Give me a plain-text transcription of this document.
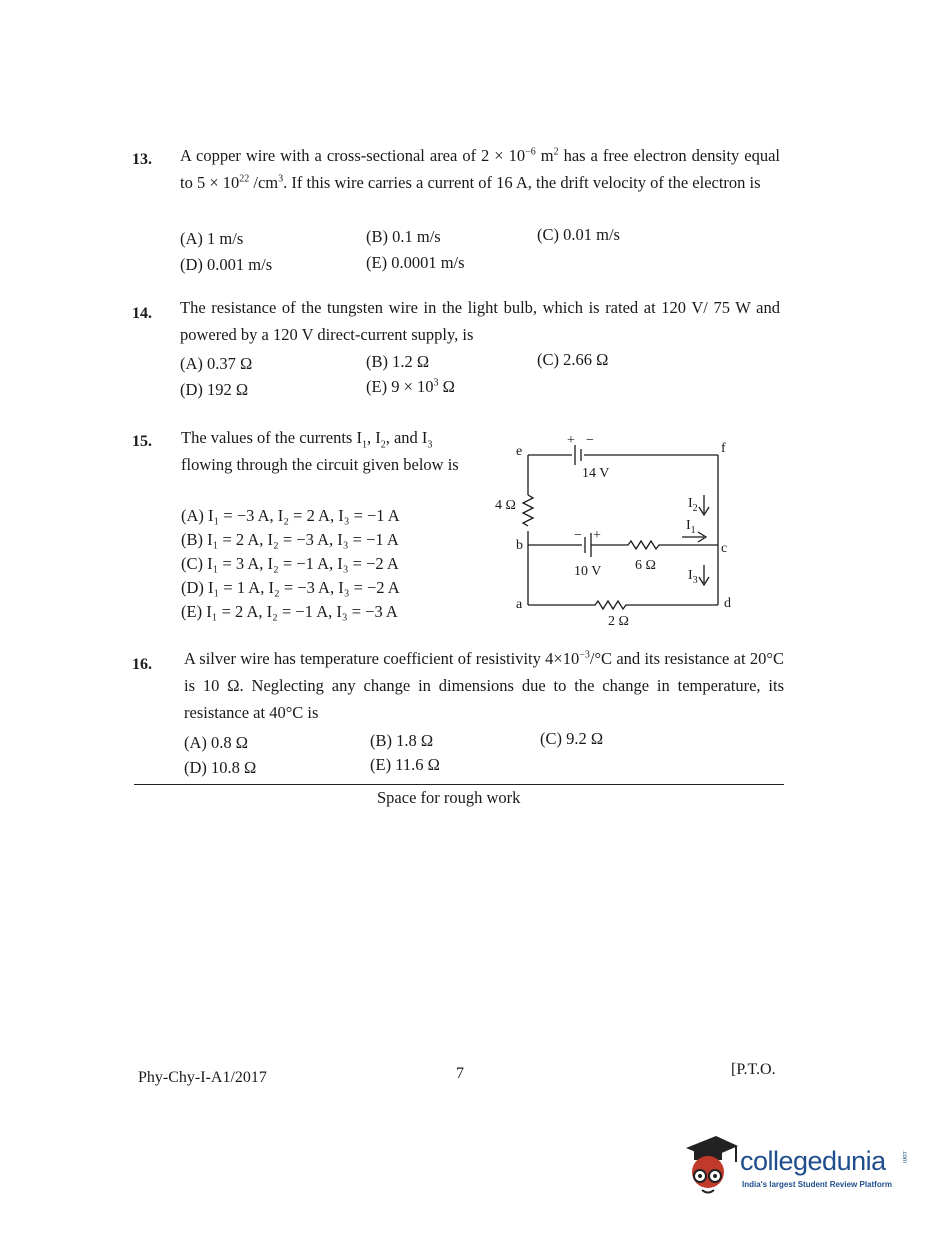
13. A copper wire with a cross-sectional area of $2 \times 10^{-6}$ $m^2$ has a free electron density equal to $5 \times 10^{22}$ $/cm^3$. If this wire carries a current of 16 A, the drift velocity of the electron is
(A) 1 m/s	(B) 0.1 m/s	(C) 0.01 m/s
(D) 0.001 m/s	(E) 0.0001 m/s
14. The resistance of the tungsten wire in the light bulb, which is rated at 120 V/ 75 W and powered by a 120 V direct-current supply, is
(A) 0.37 Ω	(B) 1.2 Ω	(C) 2.66 Ω
(D) 192 Ω	(E) $9 \times 10^3$ Ω
15. The values of the currents $I_1$, $I_2$, and $I_3$ flowing through the circuit given below is
(A) I₁ = −3 A, I₂ = 2 A, I₃ = −1 A
(B) I₁ = 2 A, I₂ = −3 A, I₃ = −1 A
(C) I₁ = 3 A, I₂ = −1 A, I₃ = −2 A
(D) I₁ = 1 A, I₂ = −3 A, I₃ = −2 A
(E) I₁ = 2 A, I₂ = −1 A, I₃ = −3 A
e	f
b	c
a	d
+ −
14 V
− +
10 V
4 Ω
6 Ω
2 Ω
$I_2$
$I_1$
$I_3$
16. A silver wire has temperature coefficient of resistivity $4\times 10^{-3}/^\circ C$ and its resistance at 20°C is 10 Ω. Neglecting any change in dimensions due to the change in temperature, its resistance at 40°C is
(A) 0.8 Ω	(B) 1.8 Ω	(C) 9.2 Ω
(D) 10.8 Ω	(E) 11.6 Ω
Space for rough work
Phy-Chy-I-A1/2017	7	[P.T.O.
collegedunia	.com
India's largest Student Review Platform
